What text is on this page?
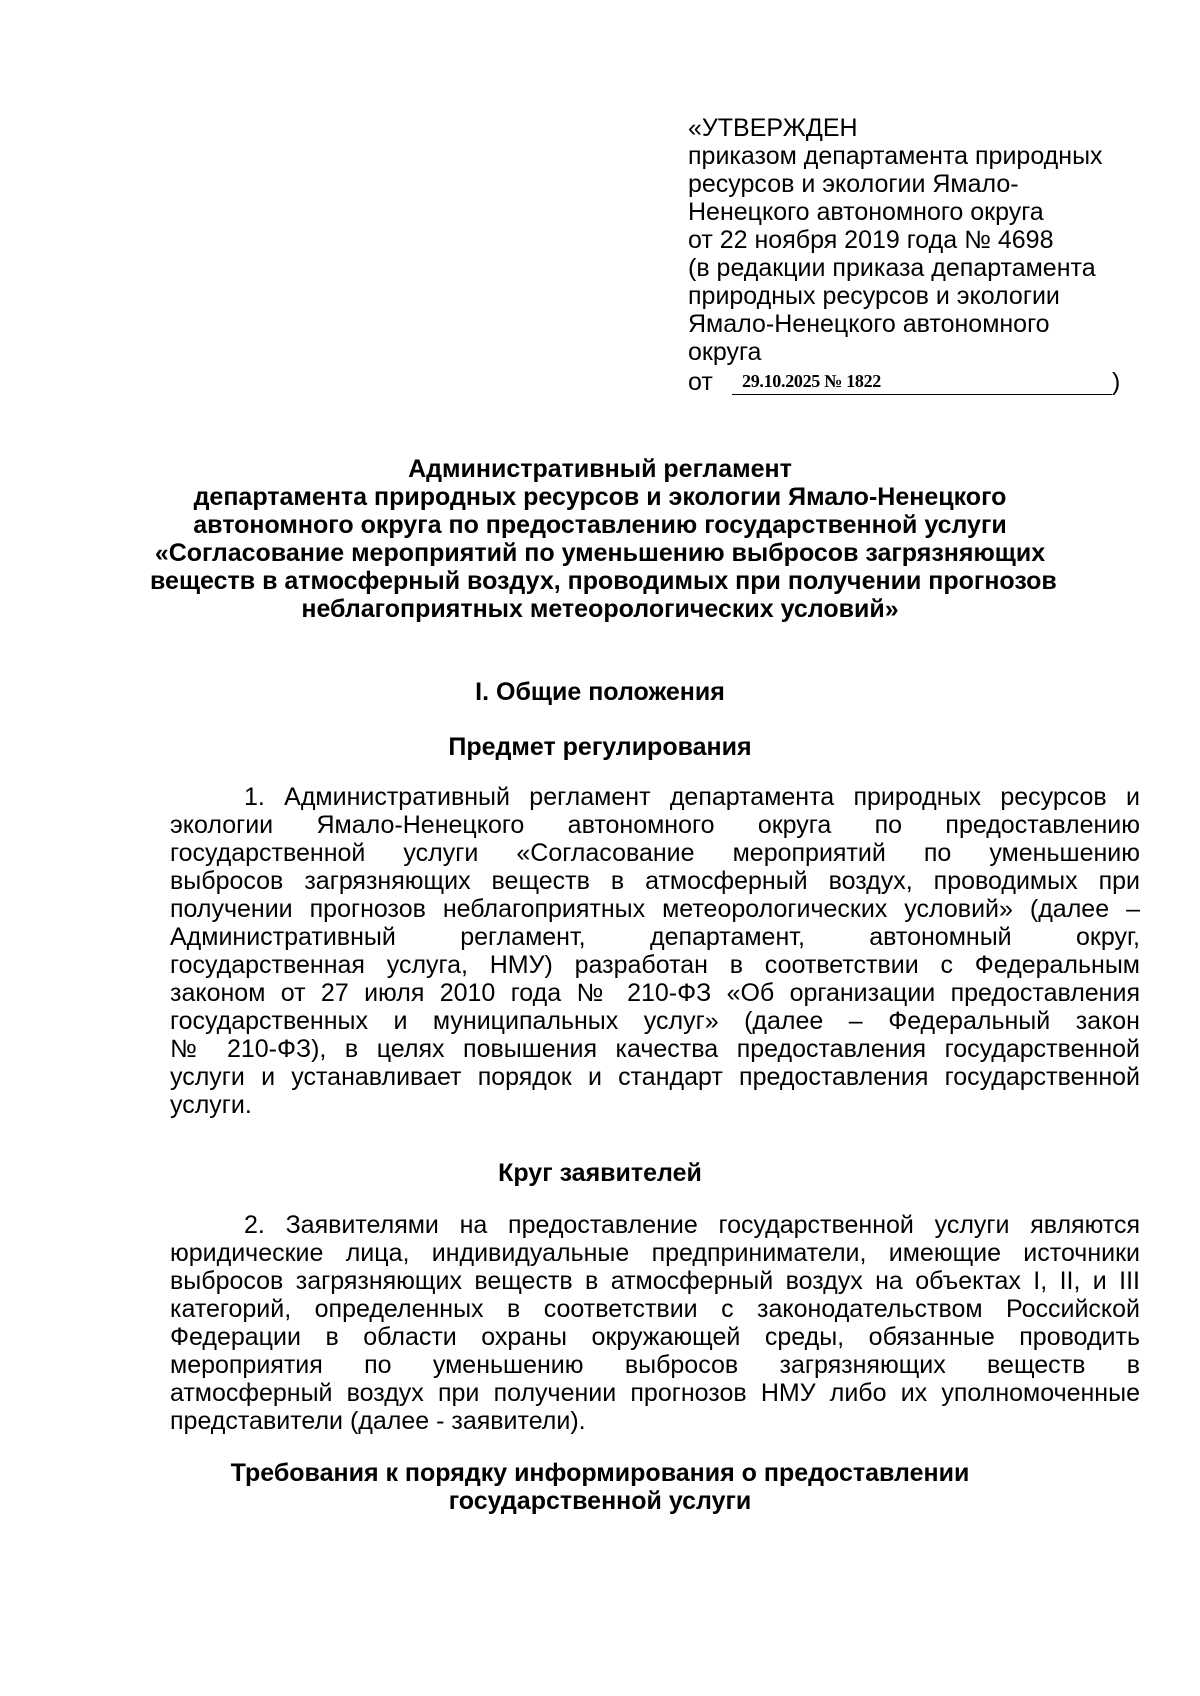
«УТВЕРЖДЕН
приказом департамента природных
ресурсов и экологии Ямало-
Ненецкого автономного округа
от 22 ноября 2019 года № 4698
(в редакции приказа департамента
природных ресурсов и экологии
Ямало-Ненецкого автономного
округа
от 29.10.2025 № 1822	)
Административный регламент
департамента природных ресурсов и экологии Ямало-Ненецкого
автономного округа по предоставлению государственной услуги
«Согласование мероприятий по уменьшению выбросов загрязняющих
веществ в атмосферный воздух, проводимых при получении прогнозов
неблагоприятных метеорологических условий»
I. Общие положения
Предмет регулирования
1. Административный регламент департамента природных ресурсов и
экологии Ямало-Ненецкого автономного округа по предоставлению
государственной услуги «Согласование мероприятий по уменьшению
выбросов загрязняющих веществ в атмосферный воздух, проводимых при
получении прогнозов неблагоприятных метеорологических условий» (далее –
Административный регламент, департамент, автономный округ,
государственная услуга, НМУ) разработан в соответствии с Федеральным
законом от 27 июля 2010 года № 210-ФЗ «Об организации предоставления
государственных и муниципальных услуг» (далее – Федеральный закон
№ 210-ФЗ), в целях повышения качества предоставления государственной
услуги и устанавливает порядок и стандарт предоставления государственной
услуги.
Круг заявителей
2. Заявителями на предоставление государственной услуги являются
юридические лица, индивидуальные предприниматели, имеющие источники
выбросов загрязняющих веществ в атмосферный воздух на объектах I, II, и III
категорий, определенных в соответствии с законодательством Российской
Федерации в области охраны окружающей среды, обязанные проводить
мероприятия по уменьшению выбросов загрязняющих веществ в
атмосферный воздух при получении прогнозов НМУ либо их уполномоченные
представители (далее - заявители).
Требования к порядку информирования о предоставлении
государственной услуги
